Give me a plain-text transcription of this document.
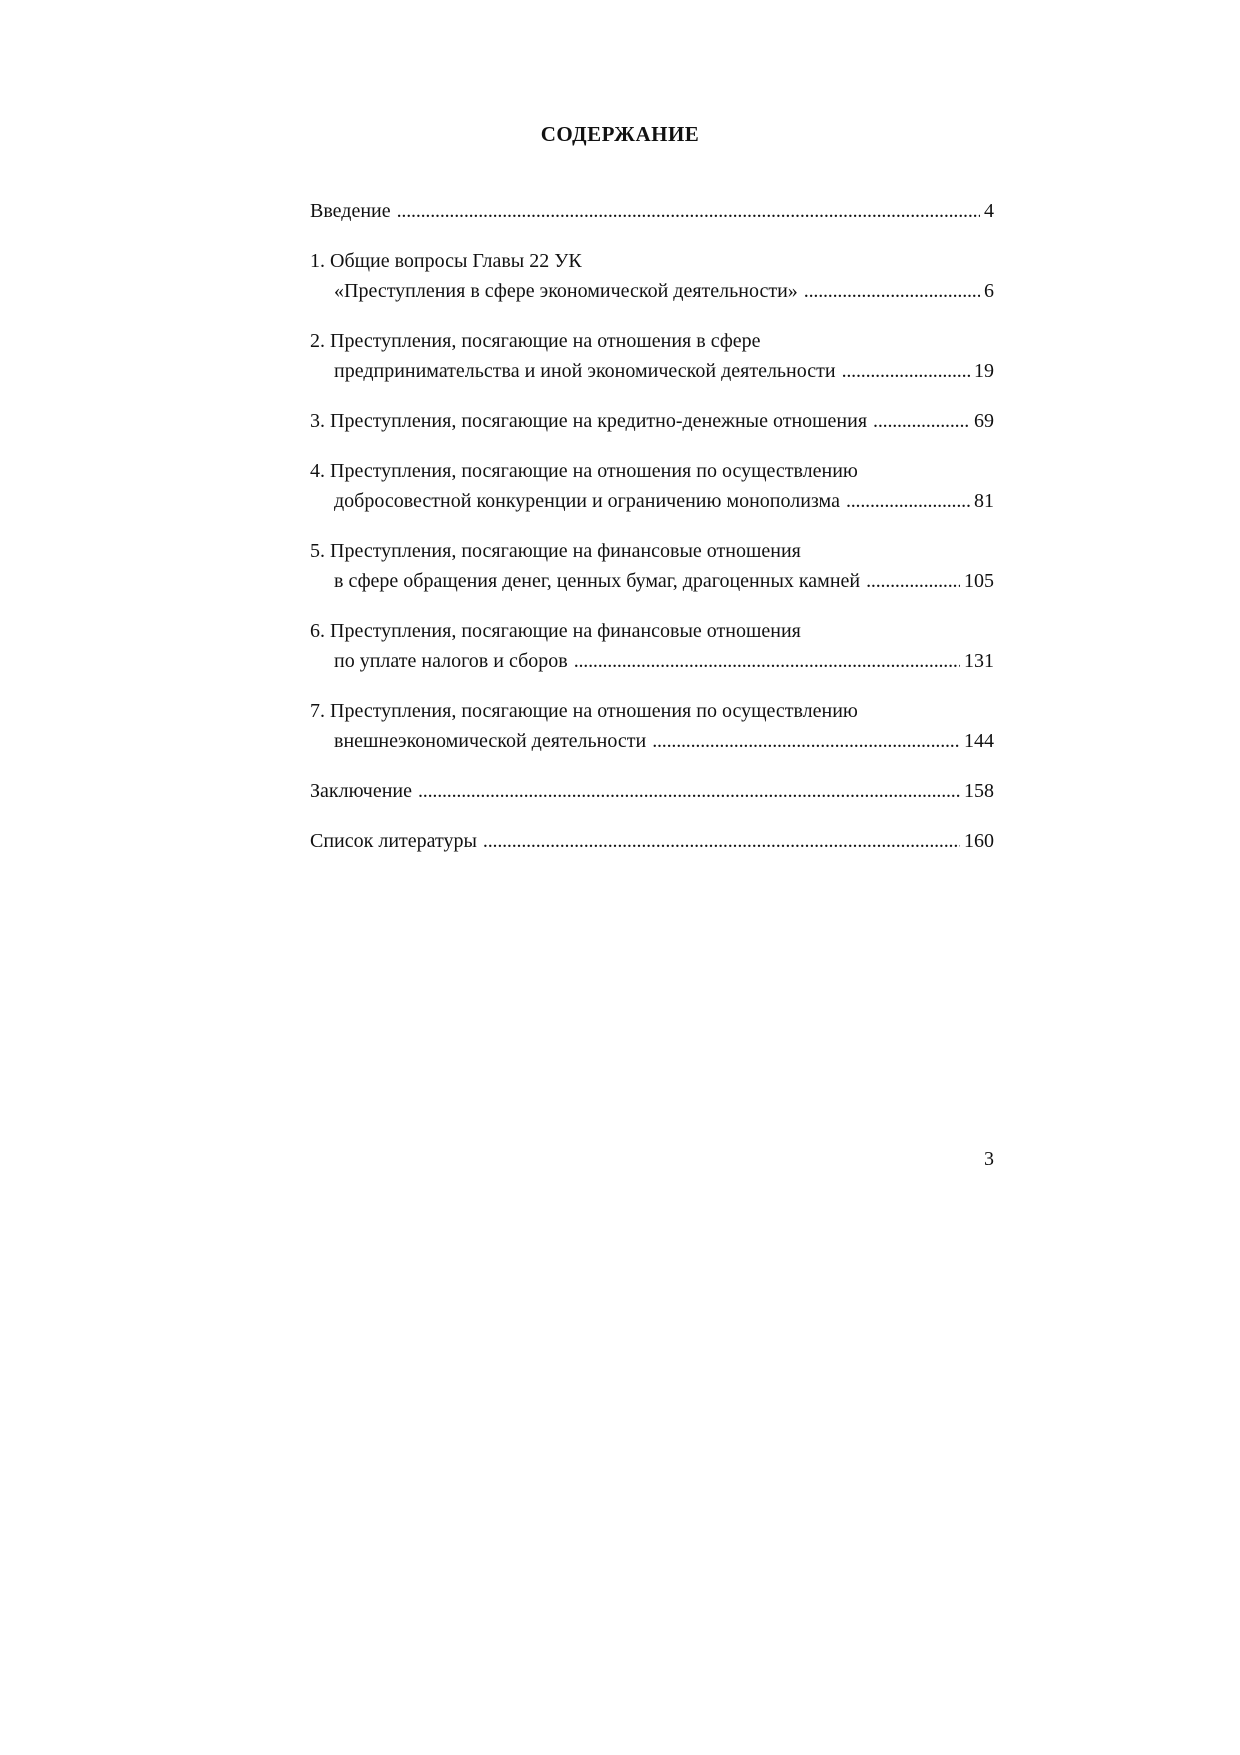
СОДЕРЖАНИЕ
Введение . . .	4
1. Общие вопросы Главы 22 УК
«Преступления в сфере экономической деятельности» . . .	6
2. Преступления, посягающие на отношения в сфере
предпринимательства и иной экономической деятельности . . .	19
3. Преступления, посягающие на кредитно-денежные отношения . . .	69
4. Преступления, посягающие на отношения по осуществлению
добросовестной конкуренции и ограничению монополизма . . .	81
5. Преступления, посягающие на финансовые отношения
в сфере обращения денег, ценных бумаг, драгоценных камней . . .	105
6. Преступления, посягающие на финансовые отношения
по уплате налогов и сборов . . .	131
7. Преступления, посягающие на отношения по осуществлению
внешнеэкономической деятельности . . .	144
Заключение . . .	158
Список литературы . . .	160
3
